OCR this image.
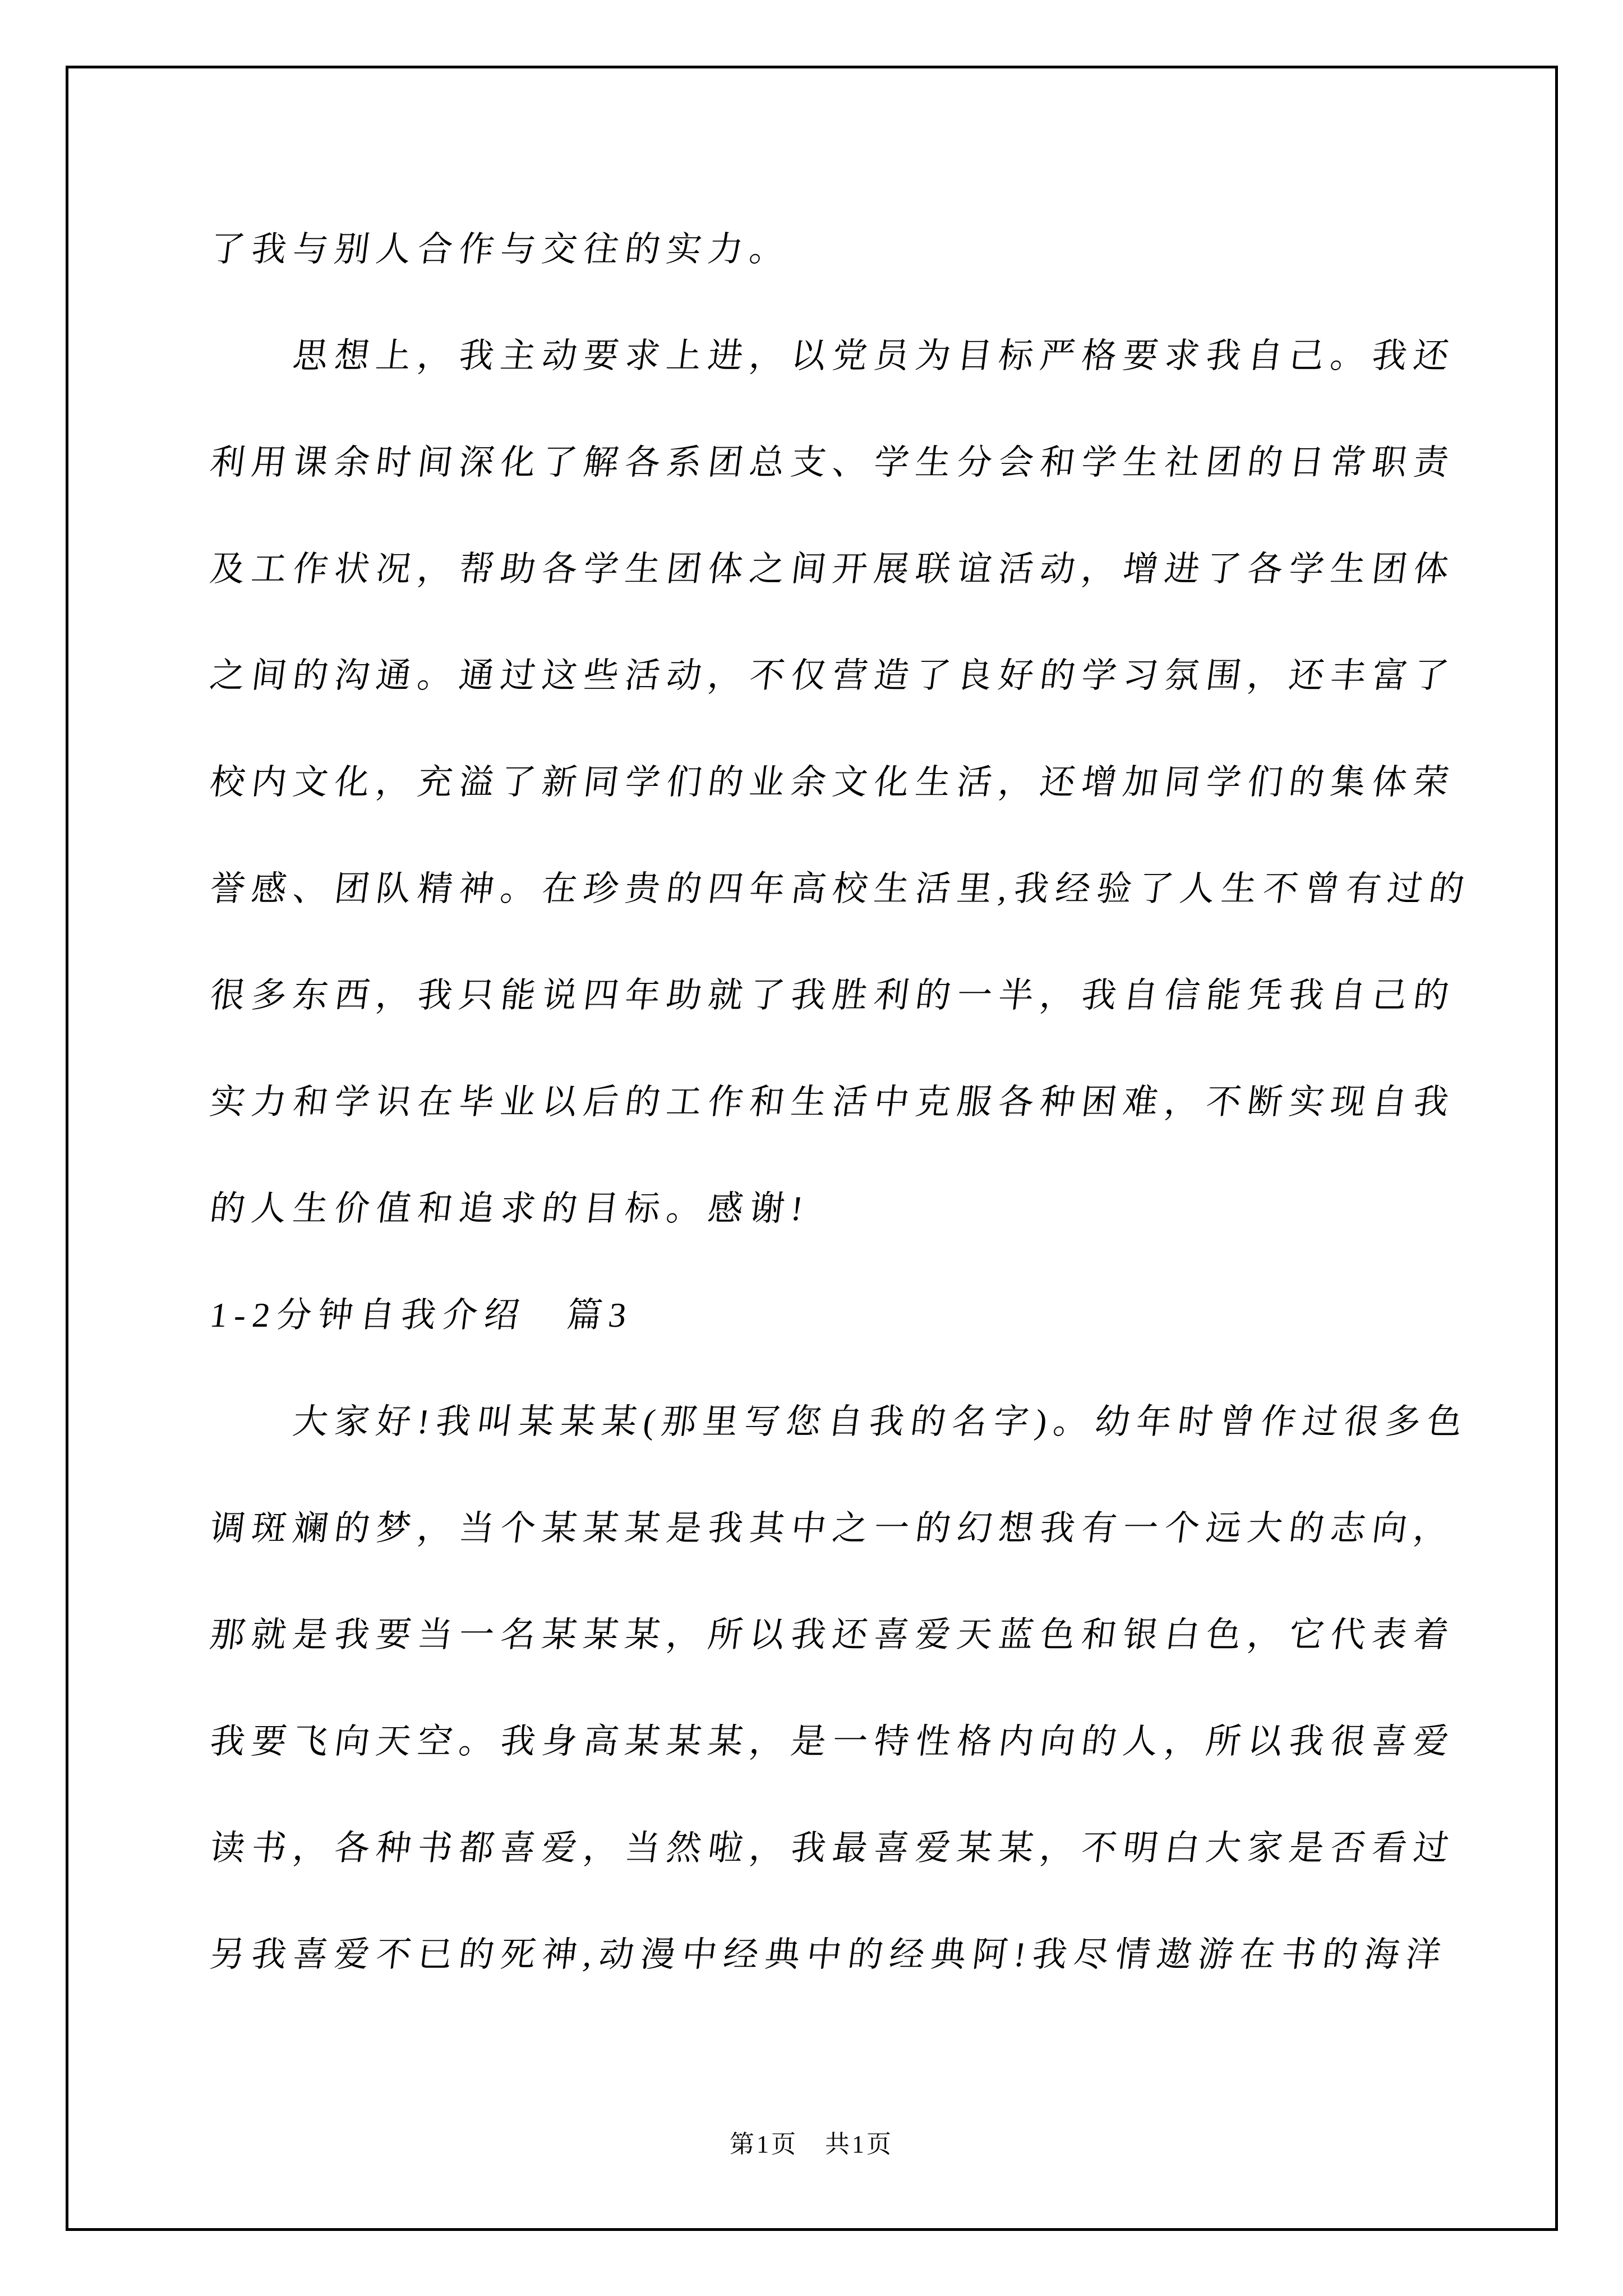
了我与别人合作与交往的实力。
思想上，我主动要求上进，以党员为目标严格要求我自己。我还
利用课余时间深化了解各系团总支、学生分会和学生社团的日常职责
及工作状况，帮助各学生团体之间开展联谊活动，增进了各学生团体
之间的沟通。通过这些活动，不仅营造了良好的学习氛围，还丰富了
校内文化，充溢了新同学们的业余文化生活，还增加同学们的集体荣
誉感、团队精神。在珍贵的四年高校生活里,我经验了人生不曾有过的
很多东西，我只能说四年助就了我胜利的一半，我自信能凭我自己的
实力和学识在毕业以后的工作和生活中克服各种困难，不断实现自我
的人生价值和追求的目标。感谢!
1-2分钟自我介绍　篇3
大家好!我叫某某某(那里写您自我的名字)。幼年时曾作过很多色
调斑斓的梦，当个某某某是我其中之一的幻想我有一个远大的志向，
那就是我要当一名某某某，所以我还喜爱天蓝色和银白色，它代表着
我要飞向天空。我身高某某某，是一特性格内向的人，所以我很喜爱
读书，各种书都喜爱，当然啦，我最喜爱某某，不明白大家是否看过
另我喜爱不已的死神,动漫中经典中的经典阿!我尽情遨游在书的海洋
第1页　共1页
